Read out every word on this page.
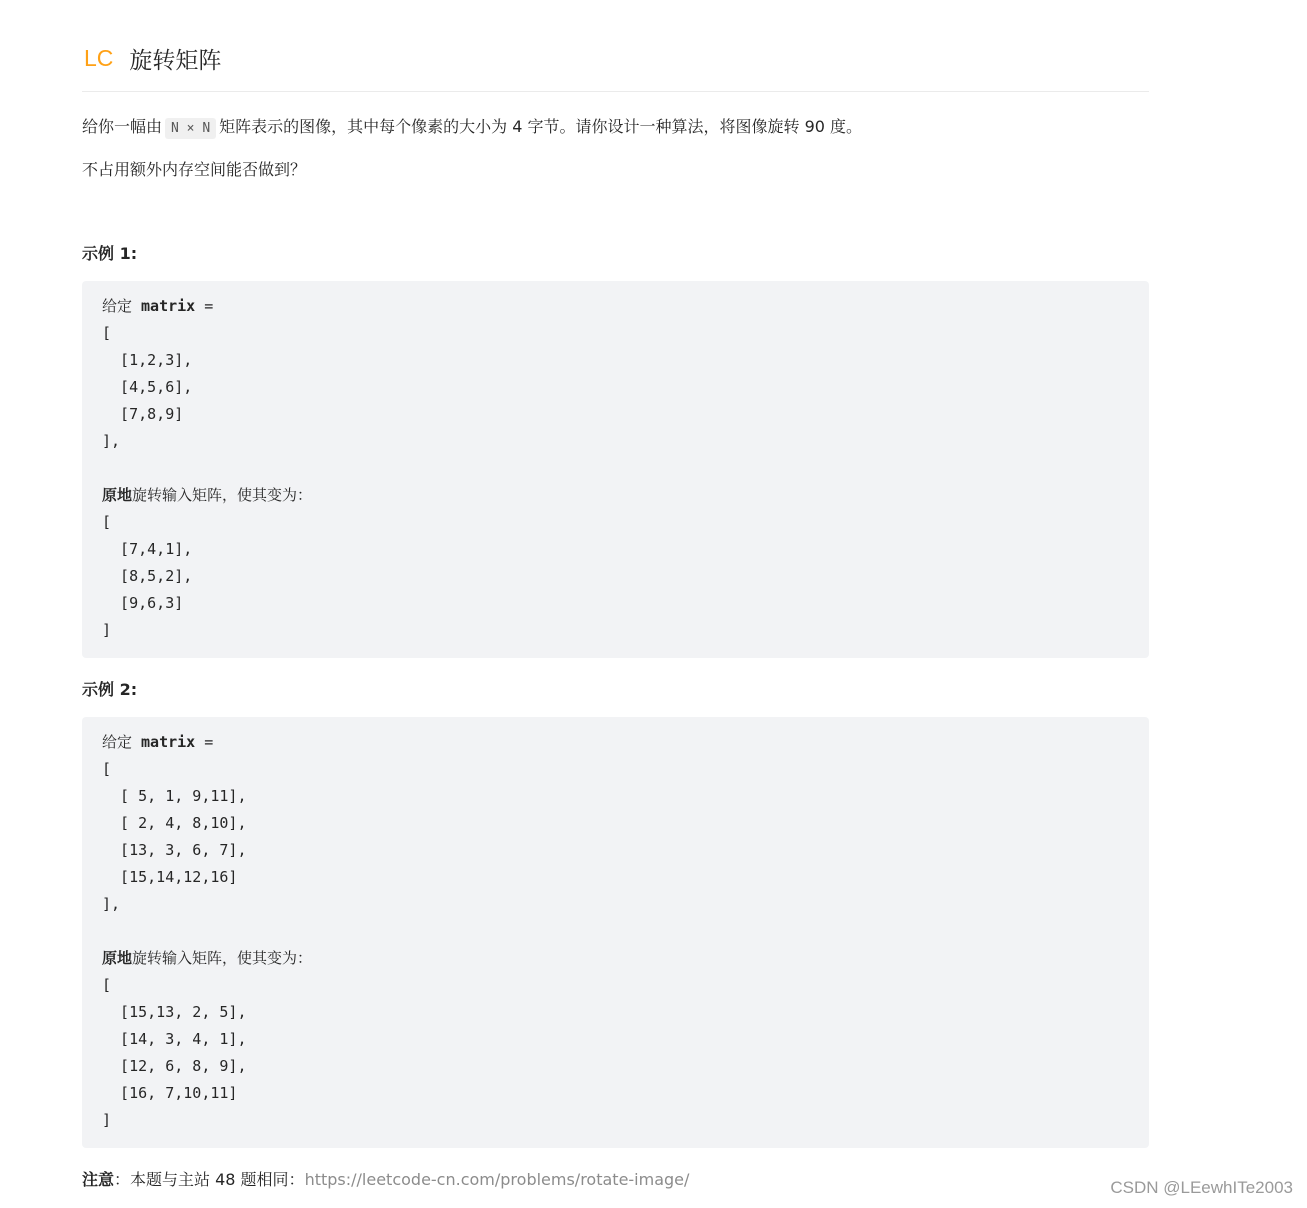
LC 旋转矩阵
给你一幅由 N × N 矩阵表示的图像，其中每个像素的大小为 4 字节。请你设计一种算法，将图像旋转 90 度。
不占用额外内存空间能否做到？
示例 1:
给定 matrix =
[
[1,2,3],
[4,5,6],
[7,8,9]
],
原地旋转输入矩阵，使其变为：
[
[7,4,1],
[8,5,2],
[9,6,3]
]
示例 2:
给定 matrix =
[
[ 5, 1, 9,11],
[ 2, 4, 8,10],
[13, 3, 6, 7],
[15,14,12,16]
],
原地旋转输入矩阵，使其变为：
[
[15,13, 2, 5],
[14, 3, 4, 1],
[12, 6, 8, 9],
[16, 7,10,11]
]
注意：本题与主站 48 题相同：https://leetcode-cn.com/problems/rotate-image/	CSDN @LEewhITe2003
